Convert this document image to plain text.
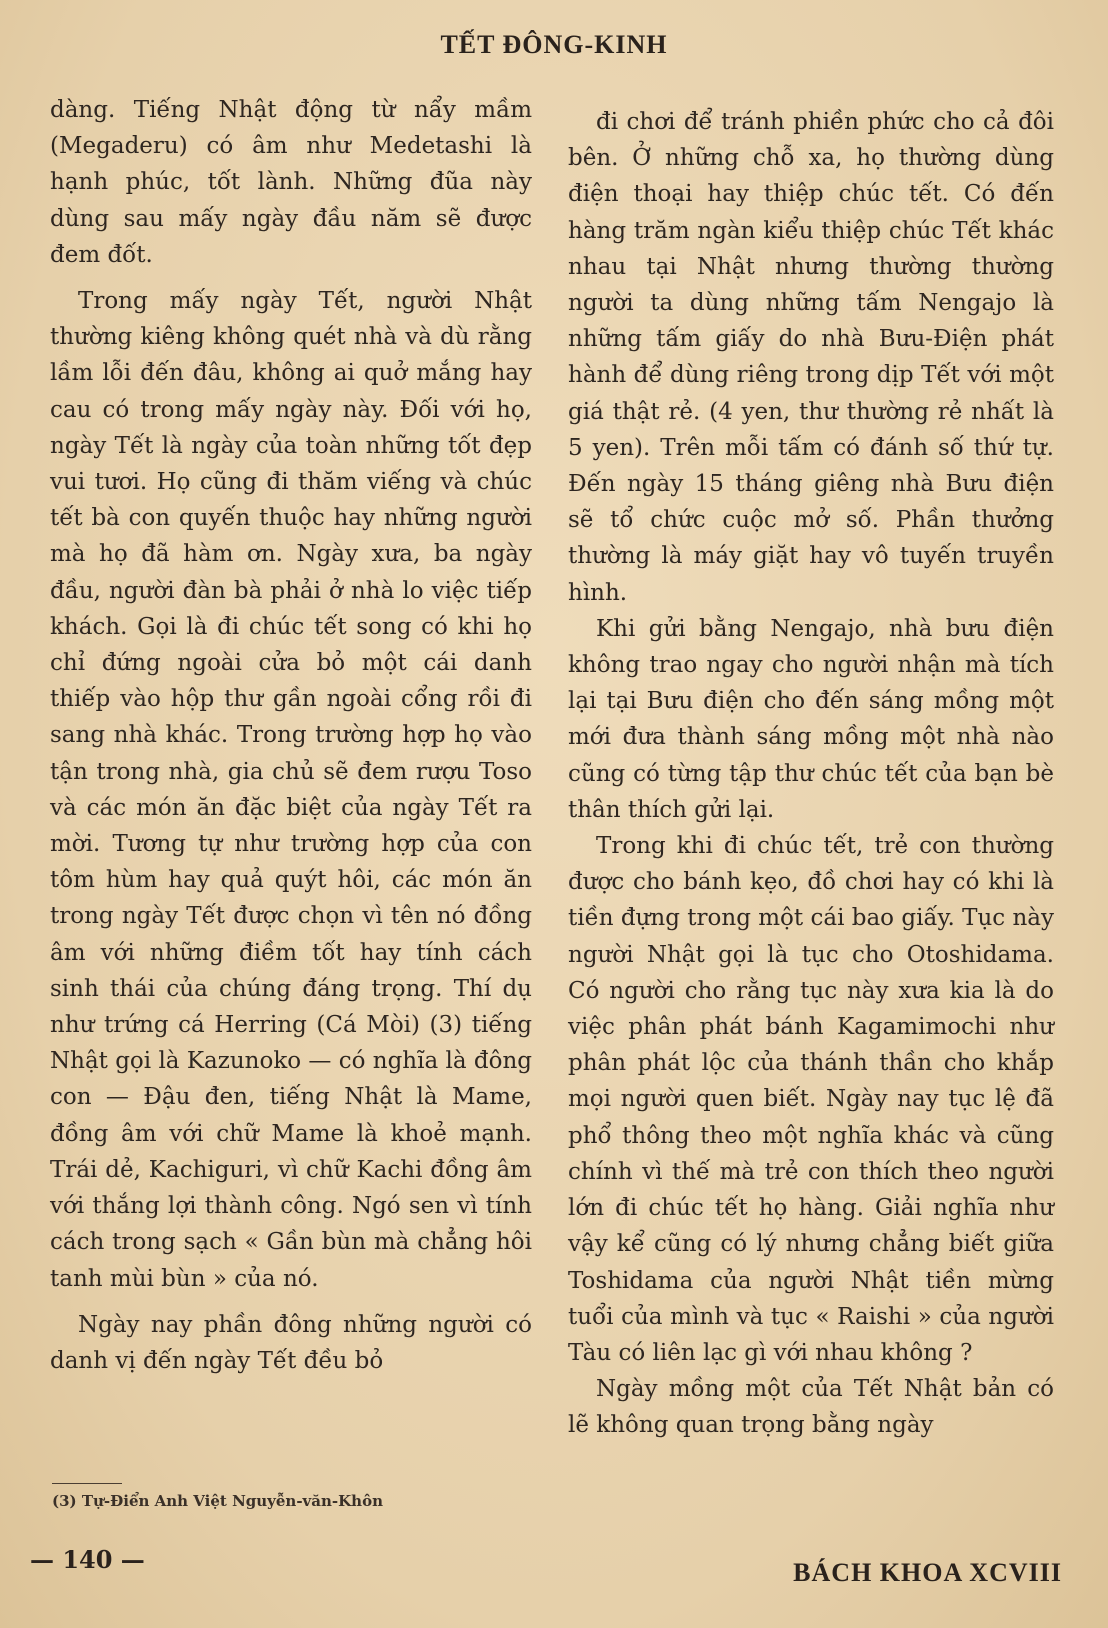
TẾT ĐÔNG-KINH

dàng. Tiếng Nhật động từ nẩy mầm (Megaderu) có âm như Medetashi là hạnh phúc, tốt lành. Những đũa này dùng sau mấy ngày đầu năm sẽ được đem đốt.

Trong mấy ngày Tết, người Nhật thường kiêng không quét nhà và dù rằng lầm lỗi đến đâu, không ai quở mắng hay cau có trong mấy ngày này. Đối với họ, ngày Tết là ngày của toàn những tốt đẹp vui tươi. Họ cũng đi thăm viếng và chúc tết bà con quyến thuộc hay những người mà họ đã hàm ơn. Ngày xưa, ba ngày đầu, người đàn bà phải ở nhà lo việc tiếp khách. Gọi là đi chúc tết song có khi họ chỉ đứng ngoài cửa bỏ một cái danh thiếp vào hộp thư gần ngoài cổng rồi đi sang nhà khác. Trong trường hợp họ vào tận trong nhà, gia chủ sẽ đem rượu Toso và các món ăn đặc biệt của ngày Tết ra mời. Tương tự như trường hợp của con tôm hùm hay quả quýt hôi, các món ăn trong ngày Tết được chọn vì tên nó đồng âm với những điềm tốt hay tính cách sinh thái của chúng đáng trọng. Thí dụ như trứng cá Herring (Cá Mòi) (3) tiếng Nhật gọi là Kazunoko — có nghĩa là đông con — Đậu đen, tiếng Nhật là Mame, đồng âm với chữ Mame là khoẻ mạnh. Trái dẻ, Kachiguri, vì chữ Kachi đồng âm với thắng lợi thành công. Ngó sen vì tính cách trong sạch « Gần bùn mà chẳng hôi tanh mùi bùn » của nó.

Ngày nay phần đông những người có danh vị đến ngày Tết đều bỏ

đi chơi để tránh phiền phức cho cả đôi bên. Ở những chỗ xa, họ thường dùng điện thoại hay thiệp chúc tết. Có đến hàng trăm ngàn kiểu thiệp chúc Tết khác nhau tại Nhật nhưng thường thường người ta dùng những tấm Nengajo là những tấm giấy do nhà Bưu-Điện phát hành để dùng riêng trong dịp Tết với một giá thật rẻ. (4 yen, thư thường rẻ nhất là 5 yen). Trên mỗi tấm có đánh số thứ tự. Đến ngày 15 tháng giêng nhà Bưu điện sẽ tổ chức cuộc mở số. Phần thưởng thường là máy giặt hay vô tuyến truyền hình.

Khi gửi bằng Nengajo, nhà bưu điện không trao ngay cho người nhận mà tích lại tại Bưu điện cho đến sáng mồng một mới đưa thành sáng mồng một nhà nào cũng có từng tập thư chúc tết của bạn bè thân thích gửi lại.

Trong khi đi chúc tết, trẻ con thường được cho bánh kẹo, đồ chơi hay có khi là tiền đựng trong một cái bao giấy. Tục này người Nhật gọi là tục cho Otoshidama. Có người cho rằng tục này xưa kia là do việc phân phát bánh Kagamimochi như phân phát lộc của thánh thần cho khắp mọi người quen biết. Ngày nay tục lệ đã phổ thông theo một nghĩa khác và cũng chính vì thế mà trẻ con thích theo người lớn đi chúc tết họ hàng. Giải nghĩa như vậy kể cũng có lý nhưng chẳng biết giữa Toshidama của người Nhật tiền mừng tuổi của mình và tục « Raishi » của người Tàu có liên lạc gì với nhau không ?

Ngày mồng một của Tết Nhật bản có lẽ không quan trọng bằng ngày

(3) Tự-Điển Anh Việt Nguyễn-văn-Khôn
— 140 —	BÁCH KHOA XCVIII
